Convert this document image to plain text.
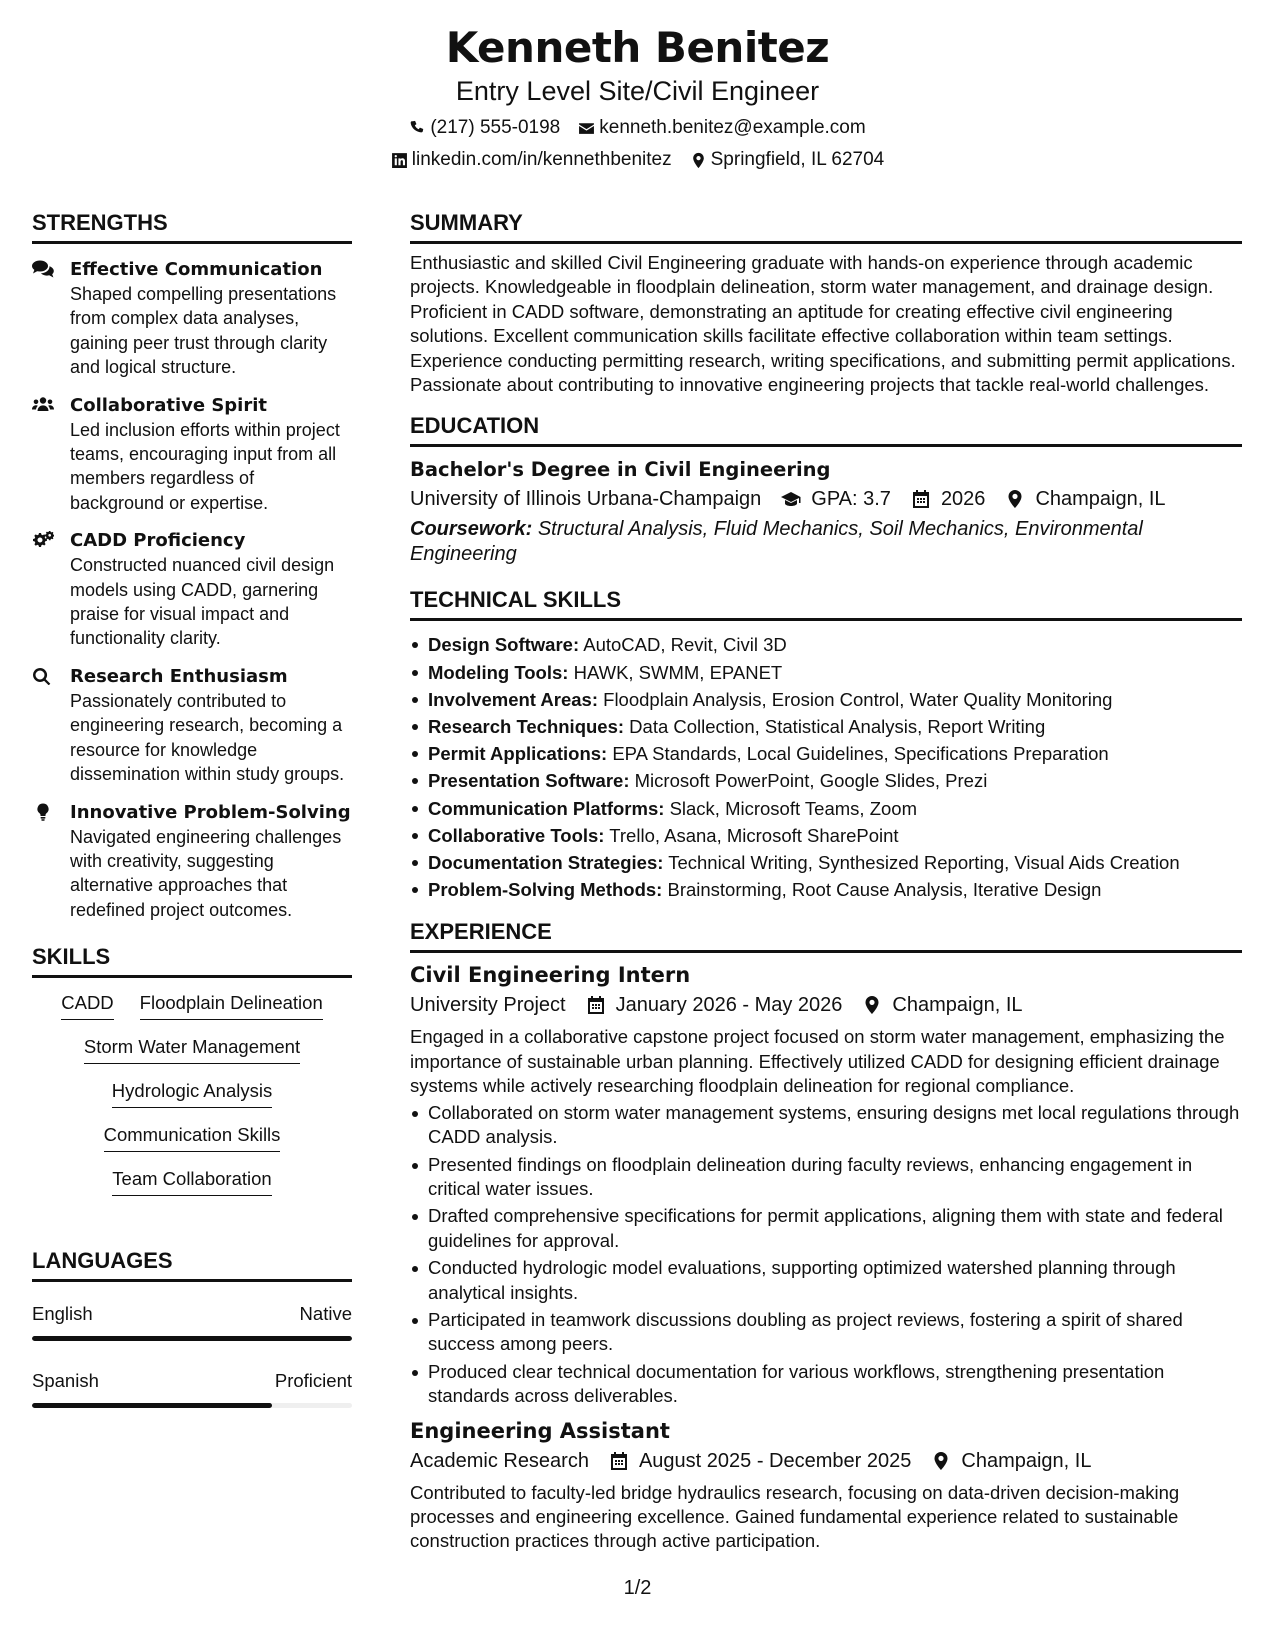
Kenneth Benitez
Entry Level Site/Civil Engineer
(217) 555-0198 kenneth.benitez@example.com
linkedin.com/in/kennethbenitez Springfield, IL 62704
STRENGTHS
Effective Communication
Shaped compelling presentations from complex data analyses, gaining peer trust through clarity and logical structure.
Collaborative Spirit
Led inclusion efforts within project teams, encouraging input from all members regardless of background or expertise.
CADD Proficiency
Constructed nuanced civil design models using CADD, garnering praise for visual impact and functionality clarity.
Research Enthusiasm
Passionately contributed to engineering research, becoming a resource for knowledge dissemination within study groups.
Innovative Problem-Solving
Navigated engineering challenges with creativity, suggesting alternative approaches that redefined project outcomes.
SKILLS
CADD Floodplain Delineation
Storm Water Management
Hydrologic Analysis
Communication Skills
Team Collaboration
LANGUAGES
English	Native
Spanish	Proficient
SUMMARY
Enthusiastic and skilled Civil Engineering graduate with hands-on experience through academic projects. Knowledgeable in floodplain delineation, storm water management, and drainage design. Proficient in CADD software, demonstrating an aptitude for creating effective civil engineering solutions. Excellent communication skills facilitate effective collaboration within team settings. Experience conducting permitting research, writing specifications, and submitting permit applications. Passionate about contributing to innovative engineering projects that tackle real-world challenges.
EDUCATION
Bachelor's Degree in Civil Engineering
University of Illinois Urbana-Champaign	GPA: 3.7	2026	Champaign, IL
Coursework: Structural Analysis, Fluid Mechanics, Soil Mechanics, Environmental Engineering
TECHNICAL SKILLS
Design Software: AutoCAD, Revit, Civil 3D
Modeling Tools: HAWK, SWMM, EPANET
Involvement Areas: Floodplain Analysis, Erosion Control, Water Quality Monitoring
Research Techniques: Data Collection, Statistical Analysis, Report Writing
Permit Applications: EPA Standards, Local Guidelines, Specifications Preparation
Presentation Software: Microsoft PowerPoint, Google Slides, Prezi
Communication Platforms: Slack, Microsoft Teams, Zoom
Collaborative Tools: Trello, Asana, Microsoft SharePoint
Documentation Strategies: Technical Writing, Synthesized Reporting, Visual Aids Creation
Problem-Solving Methods: Brainstorming, Root Cause Analysis, Iterative Design
EXPERIENCE
Civil Engineering Intern
University Project	January 2026 - May 2026	Champaign, IL
Engaged in a collaborative capstone project focused on storm water management, emphasizing the importance of sustainable urban planning. Effectively utilized CADD for designing efficient drainage systems while actively researching floodplain delineation for regional compliance.
Collaborated on storm water management systems, ensuring designs met local regulations through CADD analysis.
Presented findings on floodplain delineation during faculty reviews, enhancing engagement in critical water issues.
Drafted comprehensive specifications for permit applications, aligning them with state and federal guidelines for approval.
Conducted hydrologic model evaluations, supporting optimized watershed planning through analytical insights.
Participated in teamwork discussions doubling as project reviews, fostering a spirit of shared success among peers.
Produced clear technical documentation for various workflows, strengthening presentation standards across deliverables.
Engineering Assistant
Academic Research	August 2025 - December 2025	Champaign, IL
Contributed to faculty-led bridge hydraulics research, focusing on data-driven decision-making processes and engineering excellence. Gained fundamental experience related to sustainable construction practices through active participation.
1/2
